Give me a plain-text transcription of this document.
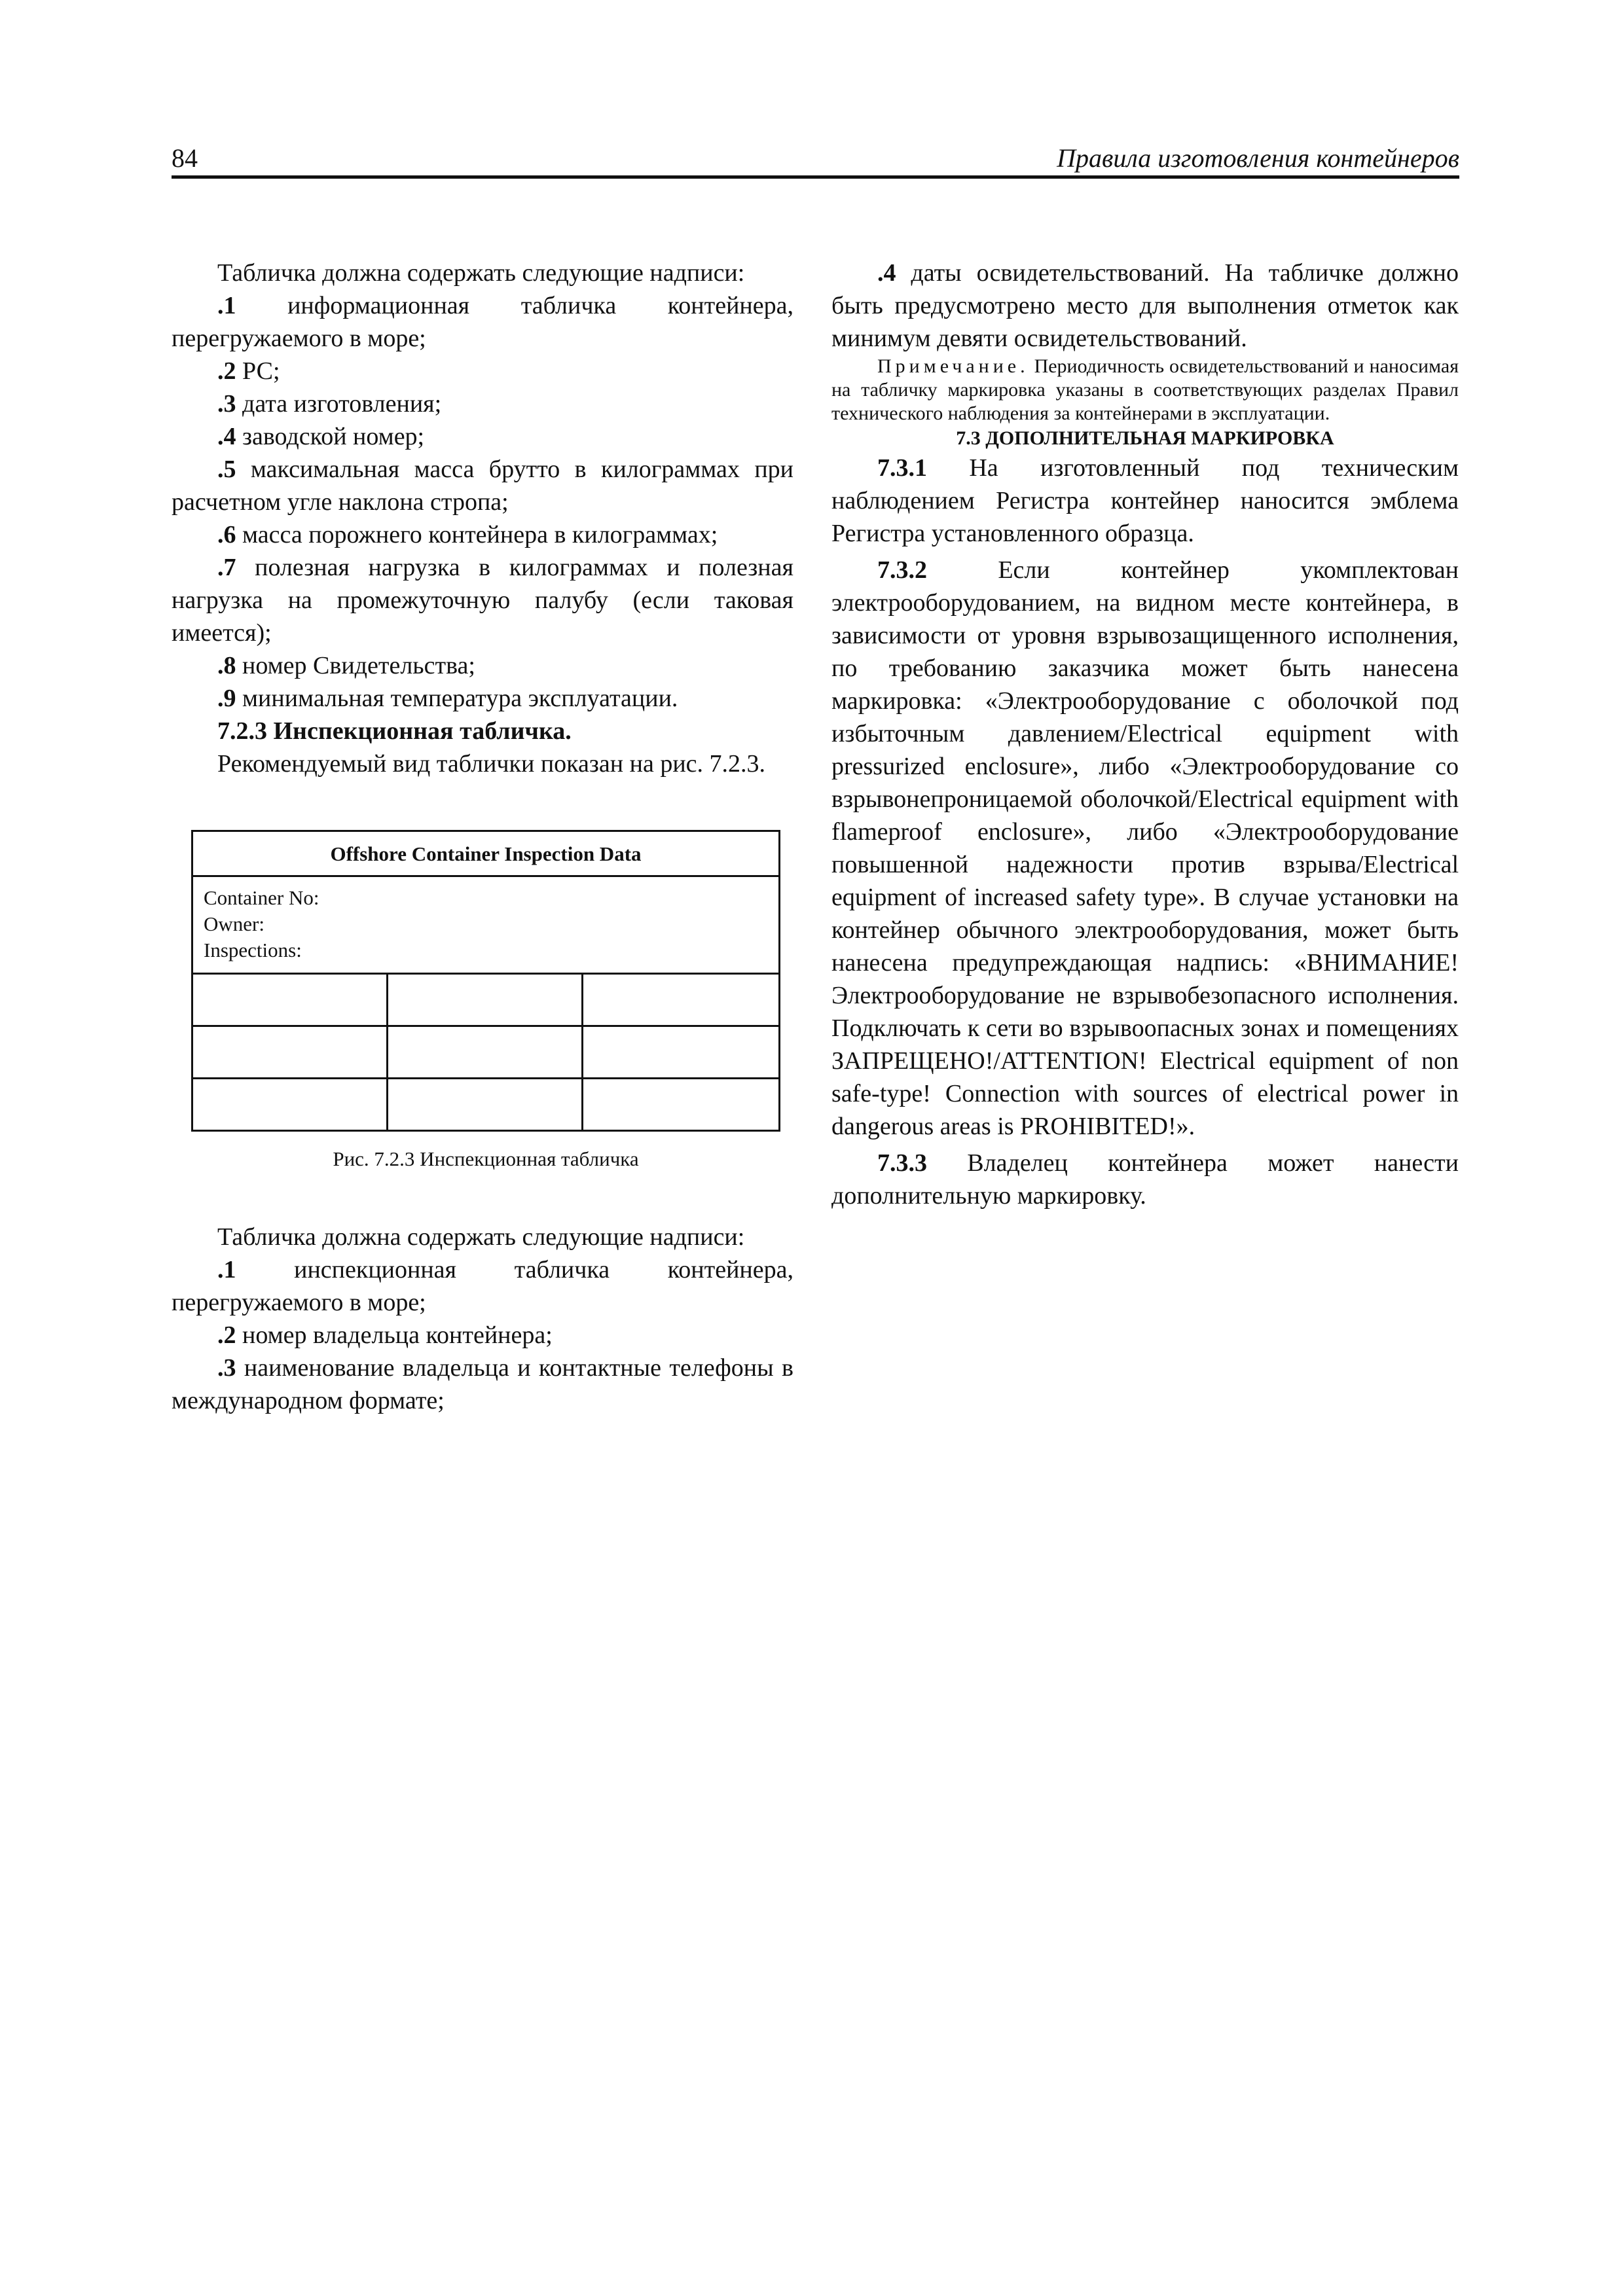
84	Правила изготовления контейнеров

Табличка должна содержать следующие надписи:

.1 информационная табличка контейнера, перегружаемого в море;

.2 РС;

.3 дата изготовления;

.4 заводской номер;

.5 максимальная масса брутто в килограммах при расчетном угле наклона стропа;

.6 масса порожнего контейнера в килограммах;

.7 полезная нагрузка в килограммах и полезная нагрузка на промежуточную палубу (если таковая имеется);

.8 номер Свидетельства;

.9 минимальная температура эксплуатации.

7.2.3 Инспекционная табличка.

Рекомендуемый вид таблички показан на рис. 7.2.3.

Offshore Container Inspection Data
Container No:
Owner:
Inspections:
Рис. 7.2.3 Инспекционная табличка

Табличка должна содержать следующие надписи:

.1 инспекционная табличка контейнера, перегружаемого в море;

.2 номер владельца контейнера;

.3 наименование владельца и контактные телефоны в международном формате;

.4 даты освидетельствований. На табличке должно быть предусмотрено место для выполнения отметок как минимум девяти освидетельствований.

Примечание. Периодичность освидетельствований и наносимая на табличку маркировка указаны в соответствующих разделах Правил технического наблюдения за контейнерами в эксплуатации.

7.3 ДОПОЛНИТЕЛЬНАЯ МАРКИРОВКА

7.3.1 На изготовленный под техническим наблюдением Регистра контейнер наносится эмблема Регистра установленного образца.

7.3.2 Если контейнер укомплектован электрооборудованием, на видном месте контейнера, в зависимости от уровня взрывозащищенного исполнения, по требованию заказчика может быть нанесена маркировка: «Электрооборудование с оболочкой под избыточным давлением/Electrical equipment with pressurized enclosure», либо «Электрооборудование со взрывонепроницаемой оболочкой/Electrical equipment with flameproof enclosure», либо «Электрооборудование повышенной надежности против взрыва/Electrical equipment of increased safety type». В случае установки на контейнер обычного электрооборудования, может быть нанесена предупреждающая надпись: «ВНИМАНИЕ! Электрооборудование не взрывобезопасного исполнения. Подключать к сети во взрывоопасных зонах и помещениях ЗАПРЕЩЕНО!/ATTENTION! Electrical equipment of non safe-type! Connection with sources of electrical power in dangerous areas is PROHIBITED!».

7.3.3 Владелец контейнера может нанести дополнительную маркировку.
